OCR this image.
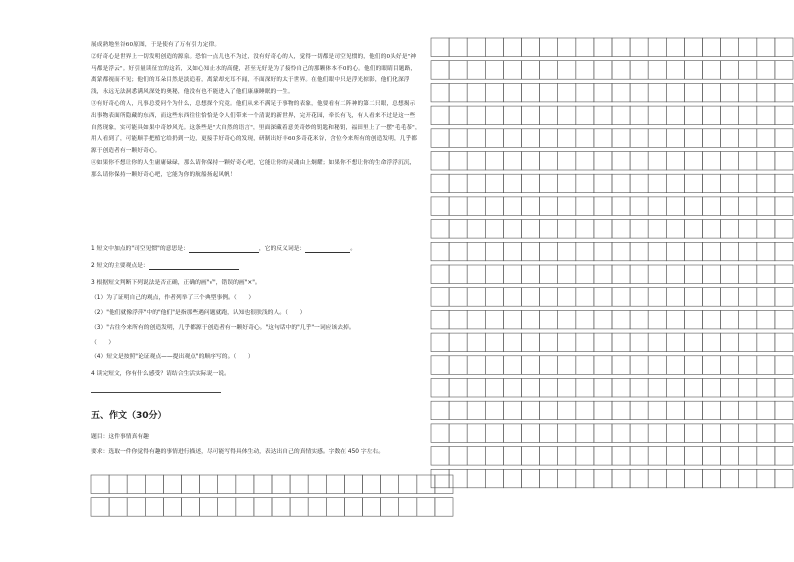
展成熟地坐谷60原图，于是使有了万有引力定律。

②好奇心是世界上一切发明创造的源泉。恐怕一点儿也不为过，没有好奇心的人，觉得一切都是司空见惯的，他们的0头好是"神马都是浮云"。好引量读征宜的这若，又如心知止水的高健，甚至无好是为了接怜自己的那颗体本不0的心。他们的眼睛目题路，离蒙都视而不见；他们的耳朵目然是淡追着，离蒙却充耳不闻，不面深好的太于世界。在他们眼中只是浮光掠影，他们化深浮浅，永远无法洞悉满风深处的奥秘，他没有也不能进入了他们康康睡眠的一生。

③有好奇心的人，凡事总爱问个为什么，总想探个究竟。他们从来不满足于事物的表象，他要看有二阵神的第二只眼，总想揭示出事物表面所隐藏的东西，而这些东西往往恰恰是令人们带来一个清说的新世界，完开花园，牵长有飞，有人看来不过是这一些自然现象，实可能具如果中奇妙风光。这条些是"大自然的语言"，里面深藏着意美奇妙的钥匙和秘钥，福田里上了一摆"毛毛茶"，用人看到了，可能顺手把植它给扔到一边，更接手好奇心的发现，研制出好丰60多奇花米谷，含位今来所有的创造发明，几乎都源于创造者有一颗好奇心。

④如果你不想让你的人生庸庸碌碌，那么请你保持一颗好奇心吧，它能让你的灵魂由上炯耀；如果你不想让你的生命浮浮沉沉，那么请你保持一颗好奇心吧，它能为你的航船扬起风帆！

1 短文中加点的"司空见惯"的意思是：	，它的反义词是：	。
2 短文的主要观点是：
3 根据短文判断下列说法是否正确，正确的画"√"，错误的画"×"。
（1）为了证明自己的观点，作者列举了三个典型事例。（　　）
（2）"他们就像浮萍"中的"他们"是指那些遇问题就跑，认知也很肤浅的人。（　　）
（3）"古往今来所有的创造发明，几乎都源于创造者有一颗好奇心。"这句话中的"几乎"一词应该去掉。
（　　）
（4）短文是按照"论证观点——提出观点"的顺序写的。（　　）
4 读完短文，你有什么感受？请结合生活实际说一说。
五、作文（30分）
题目：这件事情真有趣
要求：选取一件你觉得有趣的事情进行描述，尽可能写得具体生动，表达出自己的真情实感。字数在 450 字左右。
